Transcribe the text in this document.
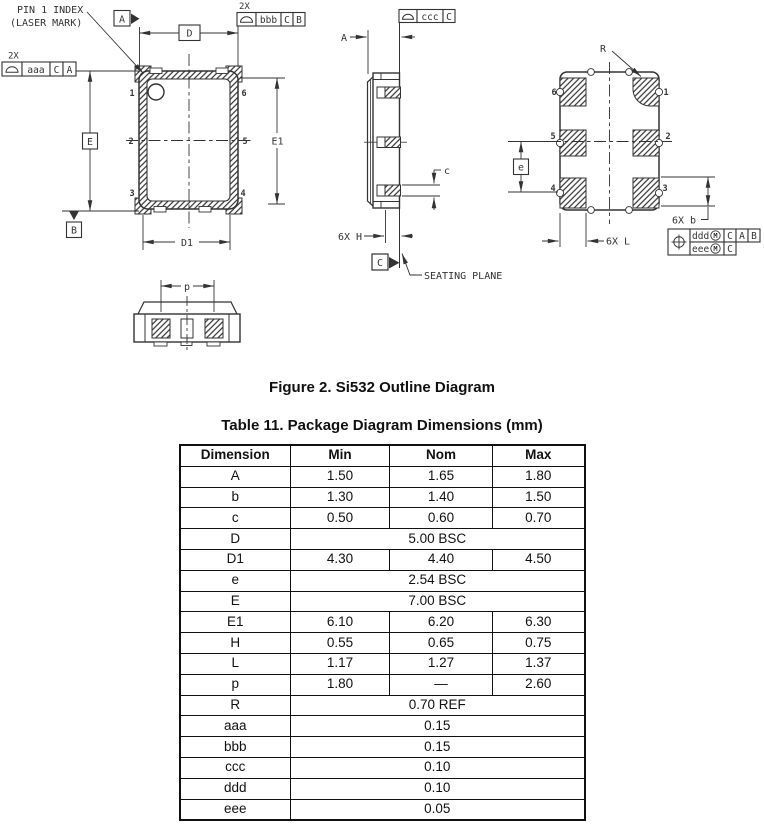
1	6
2	5
3	4
PIN 1 INDEX
(LASER MARK)
D
A
2X
bbb C B
2X
aaa C A
E
B
E1
D1
ccc C
A
c
6X H
C
SEATING PLANE
6	1
5	2
4	3
R
e
6X L
6X b
ddd M C A B
eee M C
p
Figure 2. Si532 Outline Diagram
Table 11. Package Diagram Dimensions (mm)
Dimension	Min	Nom	Max
A	1.50	1.65	1.80
b	1.30	1.40	1.50
c	0.50	0.60	0.70
D	5.00 BSC		
D1	4.30	4.40	4.50
e	2.54 BSC		
E	7.00 BSC		
E1	6.10	6.20	6.30
H	0.55	0.65	0.75
L	1.17	1.27	1.37
p	1.80	—	2.60
R	0.70 REF		
aaa	0.15		
bbb	0.15		
ccc	0.10		
ddd	0.10		
eee	0.05		
